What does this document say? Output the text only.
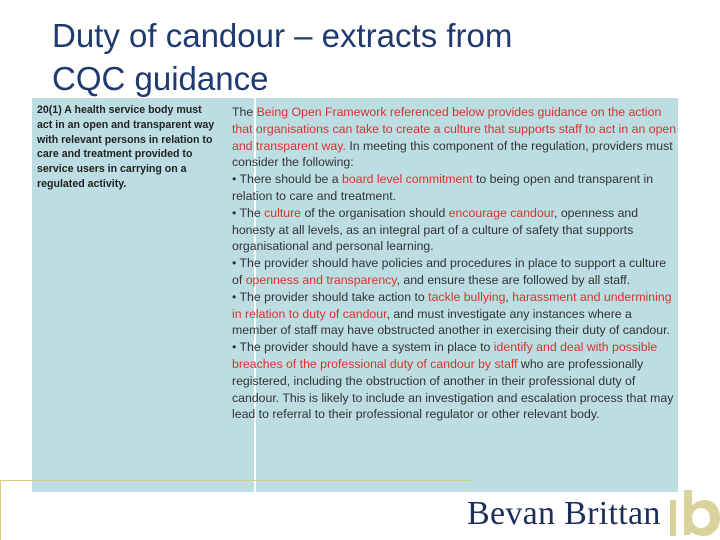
Duty of candour – extracts from
CQC guidance
20(1) A health service body must act in an open and transparent way with relevant persons in relation to care and treatment provided to service users in carrying on a regulated activity.

The Being Open Framework referenced below provides guidance on the action that organisations can take to create a culture that supports staff to act in an open and transparent way. In meeting this component of the regulation, providers must consider the following:

• There should be a board level commitment to being open and transparent in relation to care and treatment.

• The culture of the organisation should encourage candour, openness and honesty at all levels, as an integral part of a culture of safety that supports organisational and personal learning.

• The provider should have policies and procedures in place to support a culture of openness and transparency, and ensure these are followed by all staff.

• The provider should take action to tackle bullying, harassment and undermining in relation to duty of candour, and must investigate any instances where a member of staff may have obstructed another in exercising their duty of candour.

• The provider should have a system in place to identify and deal with possible breaches of the professional duty of candour by staff who are professionally registered, including the obstruction of another in their professional duty of candour. This is likely to include an investigation and escalation process that may lead to referral to their professional regulator or other relevant body.

Bevan Brittan
